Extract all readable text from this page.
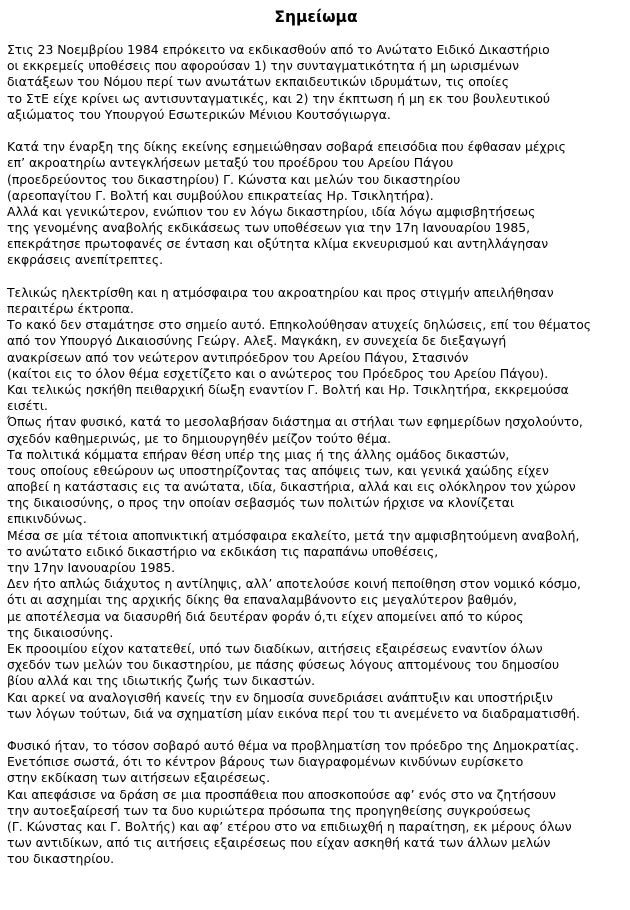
Σημείωμα
Στις 23 Νοεμβρίου 1984 επρόκειτο να εκδικασθούν από το Ανώτατο Ειδικό Δικαστήριο
οι εκκρεμείς υποθέσεις που αφορούσαν 1) την συνταγματικότητα ή μη ωρισμένων
διατάξεων του Νόμου περί των ανωτάτων εκπαιδευτικών ιδρυμάτων, τις οποίες
το ΣτΕ είχε κρίνει ως αντισυνταγματικές, και 2) την έκπτωση ή μη εκ του βουλευτικού
αξιώματος του Υπουργού Εσωτερικών Μένιου Κουτσόγιωργα.
Κατά την έναρξη της δίκης εκείνης εσημειώθησαν σοβαρά επεισόδια που έφθασαν μέχρις
επ’ ακροατηρίω αντεγκλήσεων μεταξύ του προέδρου του Αρείου Πάγου
(προεδρεύοντος του δικαστηρίου) Γ. Κώνστα και μελών του δικαστηρίου
(αρεοπαγίτου Γ. Βολτή και συμβούλου επικρατείας Ηρ. Τσικλητήρα).
Αλλά και γενικώτερον, ενώπιον του εν λόγω δικαστηρίου, ιδία λόγω αμφισβητήσεως
της γενομένης αναβολής εκδικάσεως των υποθέσεων για την 17η Ιανουαρίου 1985,
επεκράτησε πρωτοφανές σε ένταση και οξύτητα κλίμα εκνευρισμού και αντηλλάγησαν
εκφράσεις ανεπίτρεπτες.
Τελικώς ηλεκτρίσθη και η ατμόσφαιρα του ακροατηρίου και προς στιγμήν απειλήθησαν
περαιτέρω έκτροπα.
Το κακό δεν σταμάτησε στο σημείο αυτό. Επηκολούθησαν ατυχείς δηλώσεις, επί του θέματος
από τον Υπουργό Δικαιοσύνης Γεώργ. Αλεξ. Μαγκάκη, εν συνεχεία δε διεξαγωγή
ανακρίσεων από τον νεώτερον αντιπρόεδρον του Αρείου Πάγου, Στασινόν
(καίτοι εις το όλον θέμα εσχετίζετο και ο ανώτερος του Πρόεδρος του Αρείου Πάγου).
Και τελικώς ησκήθη πειθαρχική δίωξη εναντίον Γ. Βολτή και Ηρ. Τσικλητήρα, εκκρεμούσα
εισέτι.
Όπως ήταν φυσικό, κατά το μεσολαβήσαν διάστημα αι στήλαι των εφημερίδων ησχολούντο,
σχεδόν καθημερινώς, με το δημιουργηθέν μείζον τούτο θέμα.
Τα πολιτικά κόμματα επήραν θέση υπέρ της μιας ή της άλλης ομάδος δικαστών,
τους οποίους εθεώρουν ως υποστηρίζοντας τας απόψεις των, και γενικά χαώδης είχεν
αποβεί η κατάστασις εις τα ανώτατα, ιδία, δικαστήρια, αλλά και εις ολόκληρον τον χώρον
της δικαιοσύνης, ο προς την οποίαν σεβασμός των πολιτών ήρχισε να κλονίζεται
επικινδύνως.
Μέσα σε μία τέτοια αποπνικτική ατμόσφαιρα εκαλείτο, μετά την αμφισβητούμενη αναβολή,
το ανώτατο ειδικό δικαστήριο να εκδικάση τις παραπάνω υποθέσεις,
την 17ην Ιανουαρίου 1985.
Δεν ήτο απλώς διάχυτος η αντίληψις, αλλ’ αποτελούσε κοινή πεποίθηση στον νομικό κόσμο,
ότι αι ασχημίαι της αρχικής δίκης θα επαναλαμβάνοντο εις μεγαλύτερον βαθμόν,
με αποτέλεσμα να διασυρθή διά δευτέραν φοράν ό,τι είχεν απομείνει από το κύρος
της δικαιοσύνης.
Εκ προοιμίου είχον κατατεθεί, υπό των διαδίκων, αιτήσεις εξαιρέσεως εναντίον όλων
σχεδόν των μελών του δικαστηρίου, με πάσης φύσεως λόγους απτομένους του δημοσίου
βίου αλλά και της ιδιωτικής ζωής των δικαστών.
Και αρκεί να αναλογισθή κανείς την εν δημοσία συνεδριάσει ανάπτυξιν και υποστήριξιν
των λόγων τούτων, διά να σχηματίση μίαν εικόνα περί του τι ανεμένετο να διαδραματισθή.
Φυσικό ήταν, το τόσον σοβαρό αυτό θέμα να προβληματίση τον πρόεδρο της Δημοκρατίας.
Ενετόπισε σωστά, ότι το κέντρον βάρους των διαγραφομένων κινδύνων ευρίσκετο
στην εκδίκαση των αιτήσεων εξαιρέσεως.
Και απεφάσισε να δράση σε μια προσπάθεια που αποσκοπούσε αφ’ ενός στο να ζητήσουν
την αυτοεξαίρεσή των τα δυο κυριώτερα πρόσωπα της προηγηθείσης συγκρούσεως
(Γ. Κώνστας και Γ. Βολτής) και αφ’ ετέρου στο να επιδιωχθή η παραίτηση, εκ μέρους όλων
των αντιδίκων, από τις αιτήσεις εξαιρέσεως που είχαν ασκηθή κατά των άλλων μελών
του δικαστηρίου.
